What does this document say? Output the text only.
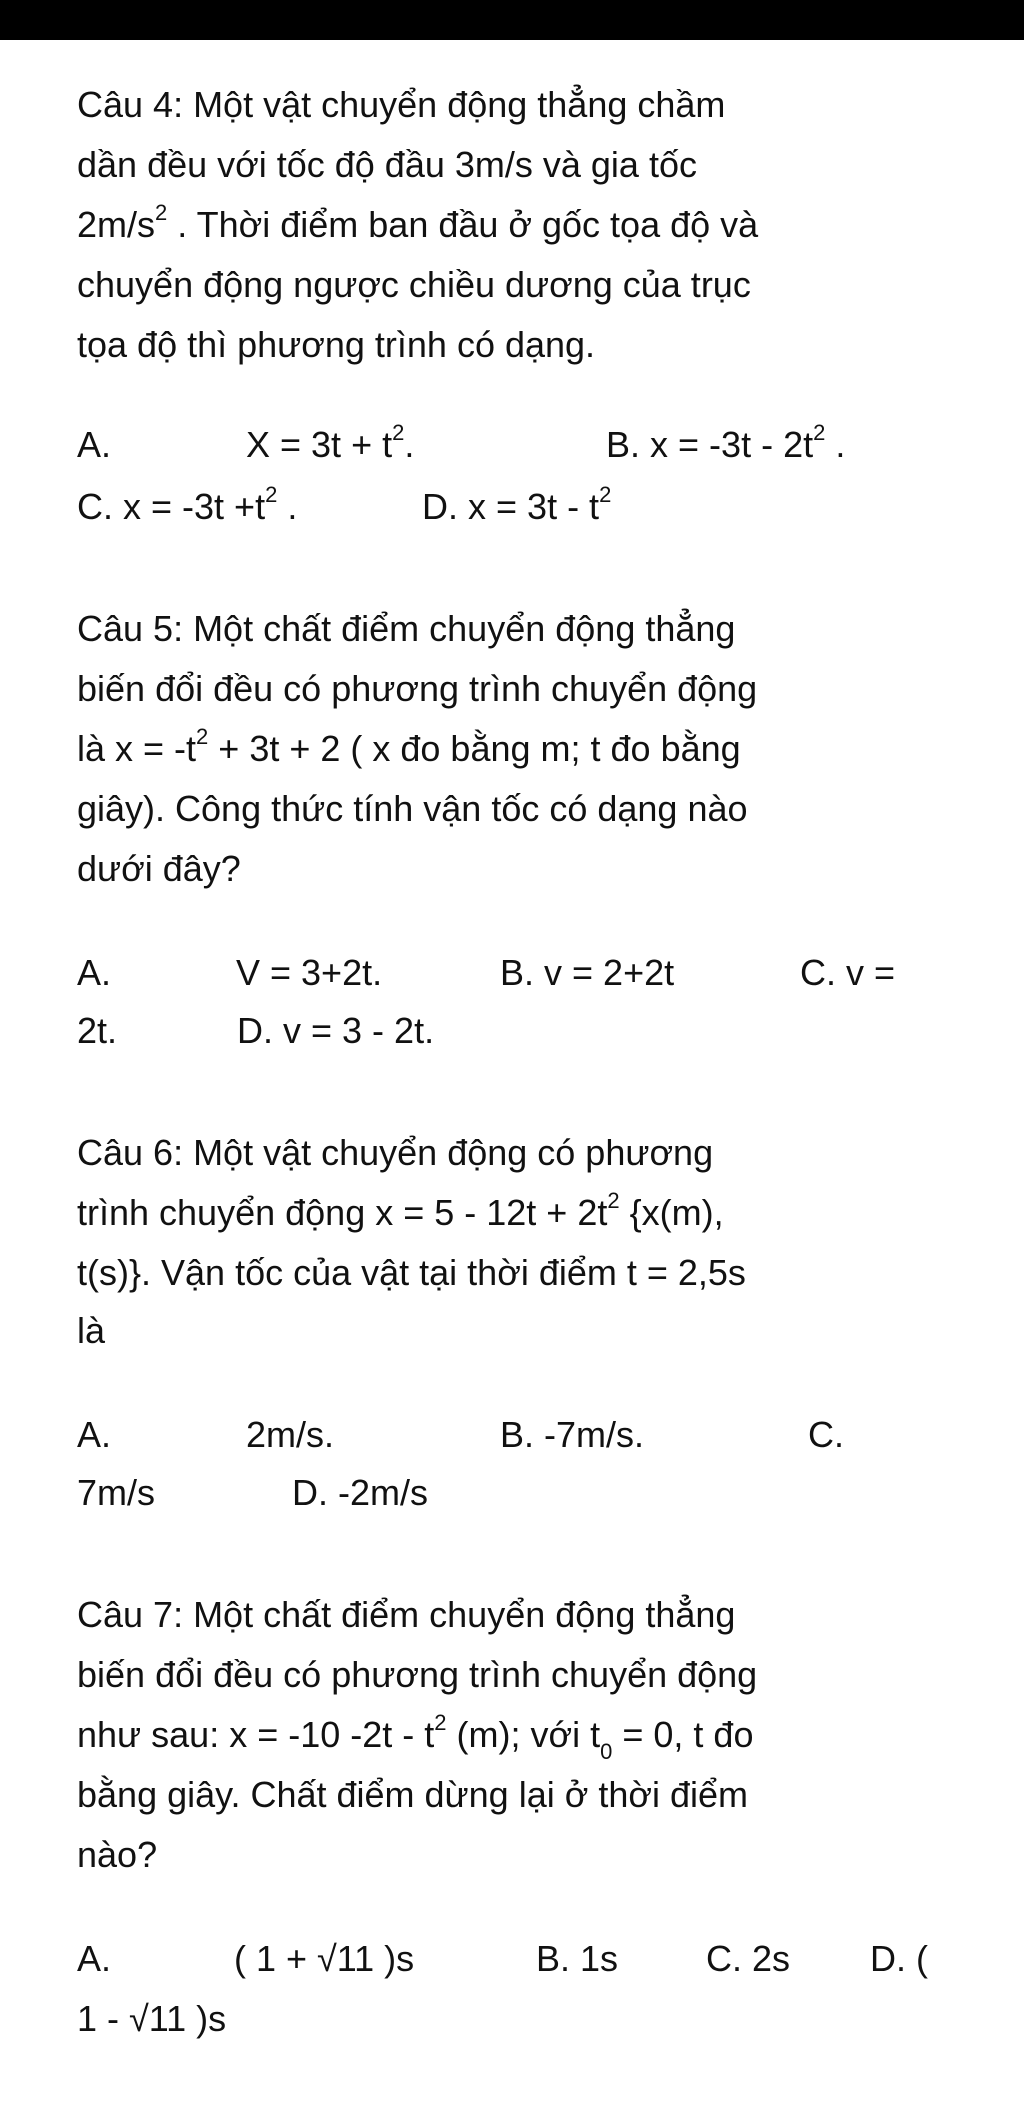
Câu 4: Một vật chuyển động thẳng chầm
dần đều với tốc độ đầu 3m/s và gia tốc
$2m/s^2$ . Thời điểm ban đầu ở gốc tọa độ và
chuyển động ngược chiều dương của trục
tọa độ thì phương trình có dạng.
A.	$X = 3t + t^2$.	B. $x = -3t - 2t^2$ .
C. $x = -3t +t^2$ .	D. $x = 3t - t^2$
Câu 5: Một chất điểm chuyển động thẳng
biến đổi đều có phương trình chuyển động
là $x = -t^2 + 3t + 2$ ( x đo bằng m; t đo bằng
giây). Công thức tính vận tốc có dạng nào
dưới đây?
A.	V = 3+2t.	B. v = 2+2t	C. v =
2t.	D. v = 3 - 2t.
Câu 6: Một vật chuyển động có phương
trình chuyển động $x = 5 - 12t + 2t^2$ {x(m),
t(s)}. Vận tốc của vật tại thời điểm t = 2,5s
là
A.	2m/s.	B. -7m/s.	C.
7m/s	D. -2m/s
Câu 7: Một chất điểm chuyển động thẳng
biến đổi đều có phương trình chuyển động
như sau: x = -10 $-2t - t^2$ (m); với $t_0 = 0$, t đo
bằng giây. Chất điểm dừng lại ở thời điểm
nào?
A.	( 1 + √11 )s	B. 1s C. 2s D. (
1 - √11 )s
